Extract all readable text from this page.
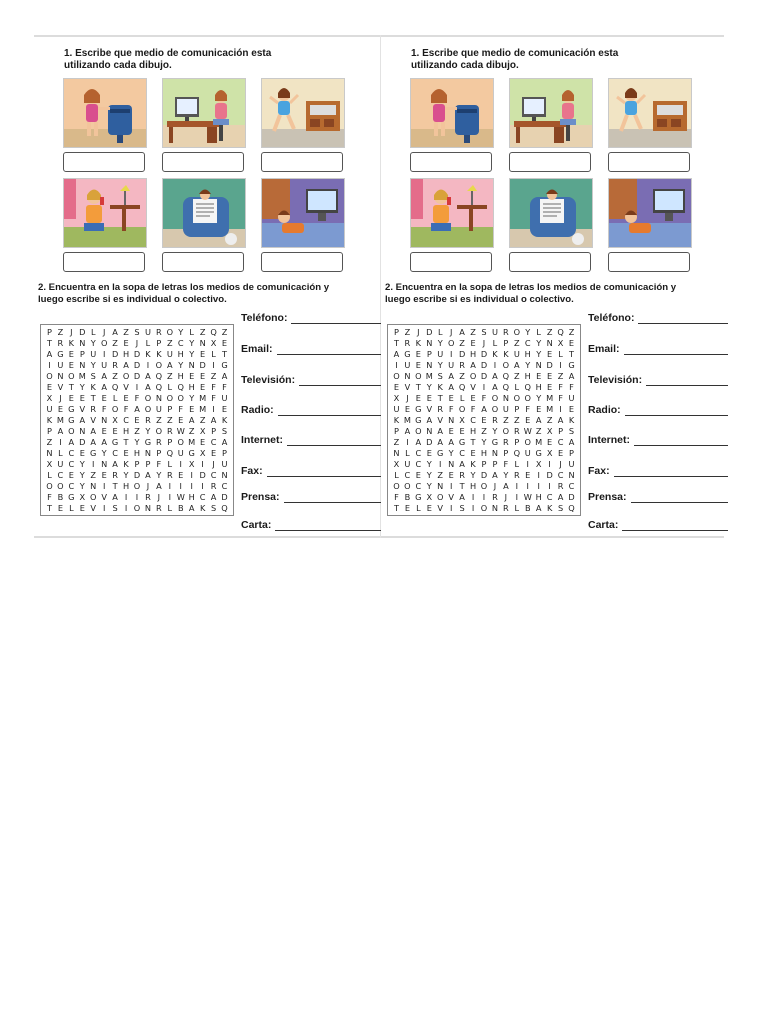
1. Escribe que medio de comunicación esta utilizando cada dibujo.
2. Encuentra en la sopa de letras los medios de comunicación y luego escribe si es individual o colectivo.
P Z J D L J A Z S U R O Y L Z Q Z
T R K N Y O Z E J L P Z C Y N X E
A G E P U I D H D K K U H Y E L T
I U E N Y U R A D I O A Y N D I G
O N O M S A Z O D A Q Z H E E Z A
E V T Y K A Q V I A Q L Q H E F F
X J E E T E L E F O N O O Y M F U
U E G V R F O F A O U P F E M I E
K M G A V N X C E R Z Z E A Z A K
P A O N A E E H Z Y O R W Z X P S
Z I A D A A G T Y G R P O M E C A
N L C E G Y C E H N P Q U G X E P
X U C Y I N A K P P F L I X I	J U
L C E Y Z E R Y D A Y R E I D C N
O O C Y N I T H O J A I	I	I	I R C
F B G X O V A I	I R J	I W H C A D
T E L E V I S I O N R L B A K S Q
Teléfono:
Email:
Televisión:
Radio:
Internet:
Fax:
Prensa:
Carta:
1. Escribe que medio de comunicación esta utilizando cada dibujo.
2. Encuentra en la sopa de letras los medios de comunicación y luego escribe si es individual o colectivo.
P Z J D L J A Z S U R O Y L Z Q Z
T R K N Y O Z E J L P Z C Y N X E
A G E P U I D H D K K U H Y E L T
I U E N Y U R A D I O A Y N D I G
O N O M S A Z O D A Q Z H E E Z A
E V T Y K A Q V I A Q L Q H E F F
X J E E T E L E F O N O O Y M F U
U E G V R F O F A O U P F E M I E
K M G A V N X C E R Z Z E A Z A K
P A O N A E E H Z Y O R W Z X P S
Z I A D A A G T Y G R P O M E C A
N L C E G Y C E H N P Q U G X E P
X U C Y I N A K P P F L I X I	J U
L C E Y Z E R Y D A Y R E I D C N
O O C Y N I T H O J A I	I	I	I R C
F B G X O V A I	I R J	I W H C A D
T E L E V I S I O N R L B A K S Q
Teléfono:
Email:
Televisión:
Radio:
Internet:
Fax:
Prensa:
Carta:
